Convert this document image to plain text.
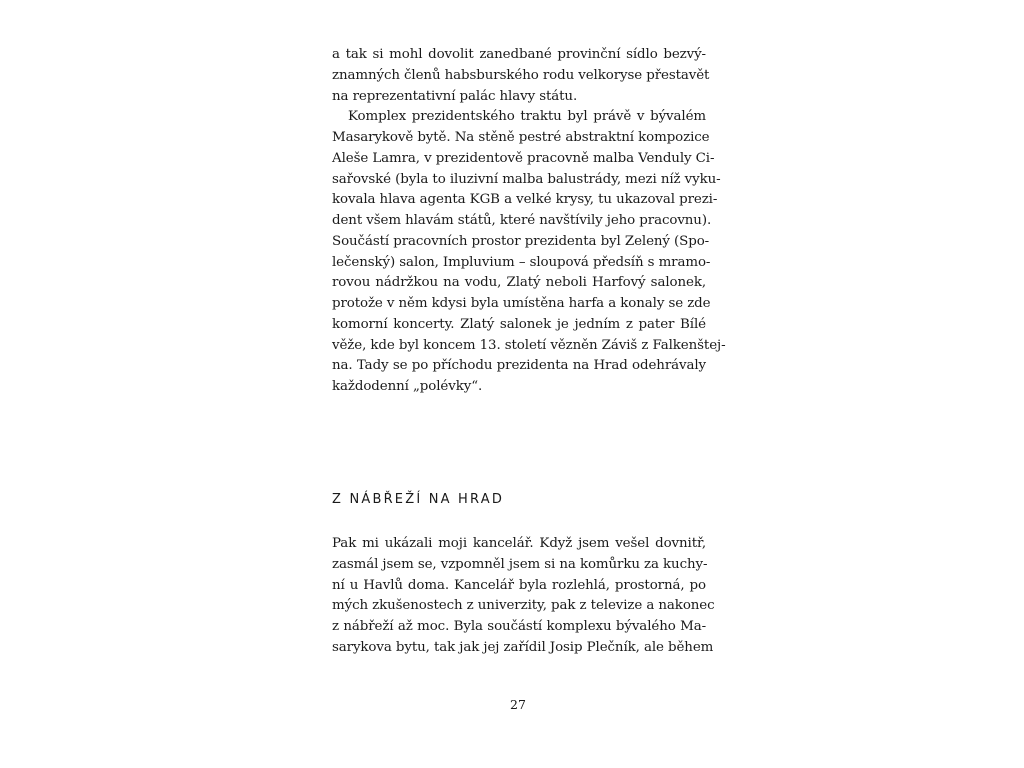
a tak si mohl dovolit zanedbané provinční sídlo bezvý-
znamných členů habsburského rodu velkoryse přestavět
na reprezentativní palác hlavy státu.
Komplex prezidentského traktu byl právě v bývalém
Masarykově bytě. Na stěně pestré abstraktní kompozice
Aleše Lamra, v prezidentově pracovně malba Venduly Ci-
sařovské (byla to iluzivní malba balustrády, mezi níž vyku-
kovala hlava agenta KGB a velké krysy, tu ukazoval prezi-
dent všem hlavám států, které navštívily jeho pracovnu).
Součástí pracovních prostor prezidenta byl Zelený (Spo-
lečenský) salon, Impluvium – sloupová předsíň s mramo-
rovou nádržkou na vodu, Zlatý neboli Harfový salonek,
protože v něm kdysi byla umístěna harfa a konaly se zde
komorní koncerty. Zlatý salonek je jedním z pater Bílé
věže, kde byl koncem 13. století vězněn Záviš z Falkenštej-
na. Tady se po příchodu prezidenta na Hrad odehrávaly
každodenní „polévky“.
Z NÁBŘEŽÍ NA HRAD
Pak mi ukázali moji kancelář. Když jsem vešel dovnitř,
zasmál jsem se, vzpomněl jsem si na komůrku za kuchy-
ní u Havlů doma. Kancelář byla rozlehlá, prostorná, po
mých zkušenostech z univerzity, pak z televize a nakonec
z nábřeží až moc. Byla součástí komplexu bývalého Ma-
sarykova bytu, tak jak jej zařídil Josip Plečník, ale během
27
